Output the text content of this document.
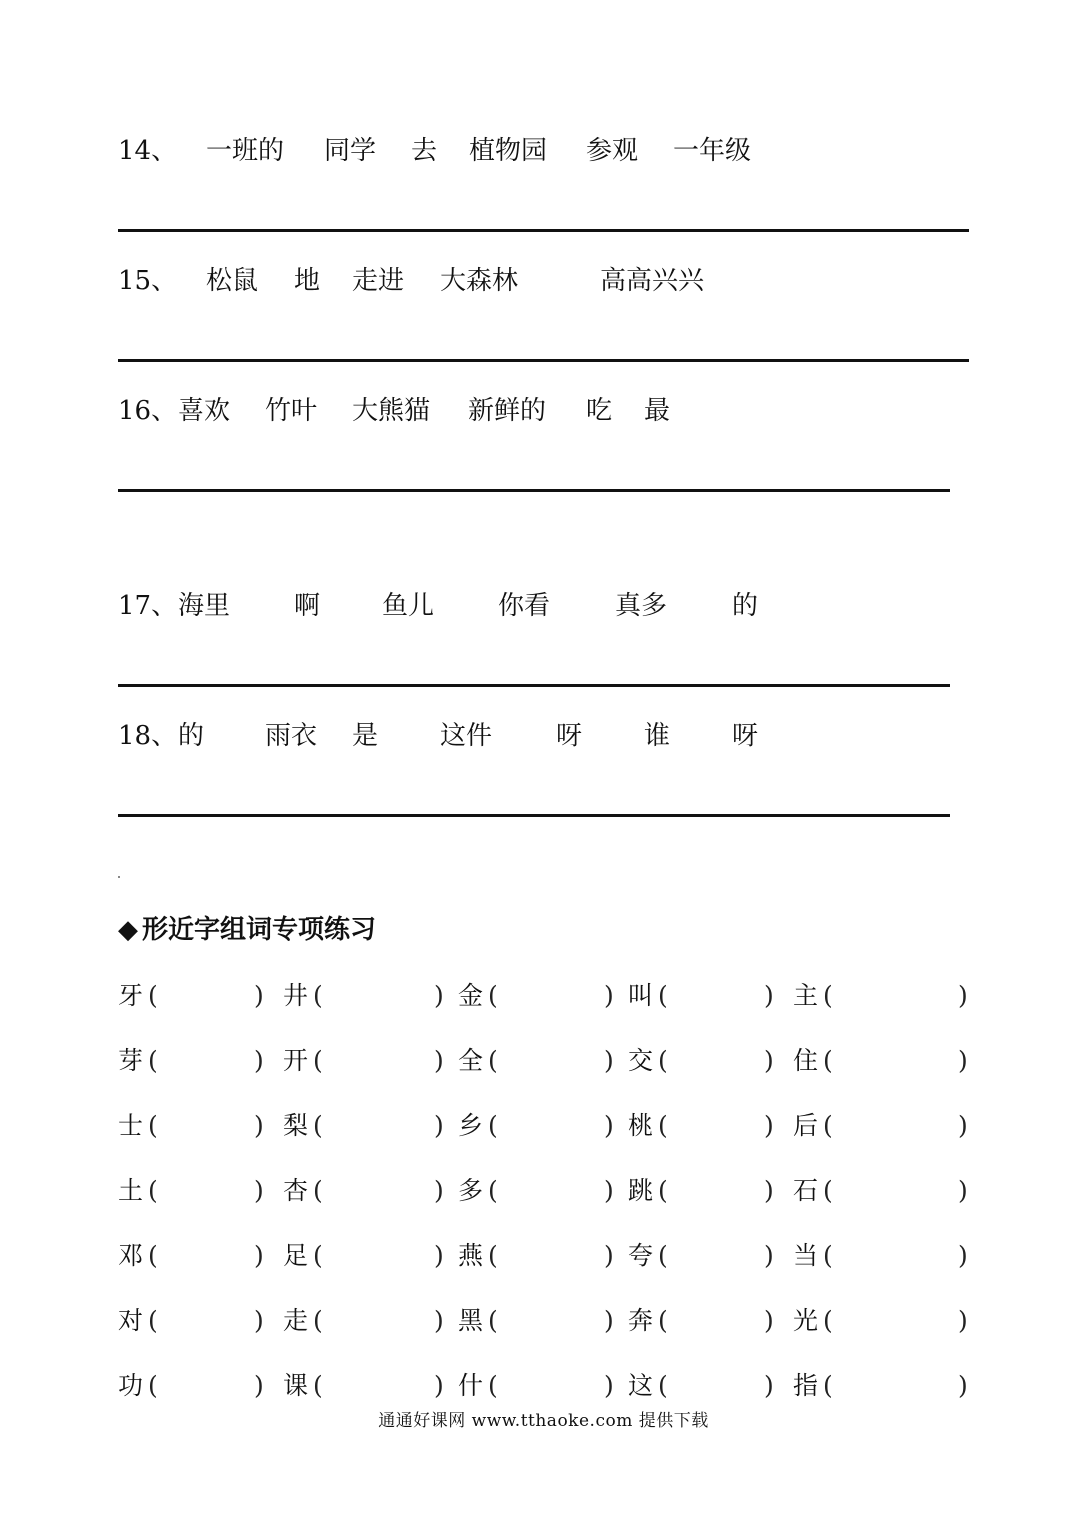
14、 一班的 同学 去 植物园 参观 一年级
15、 松鼠 地 走进 大森林	高高兴兴
16、 喜欢 竹叶 大熊猫 新鲜的 吃 最
17、 海里 啊 鱼儿 你看 真多 的
18、 的 雨衣 是 这件 呀 谁 呀
◆ 形近字组词专项练习
牙 (	) 井 (	) 金 (	) 叫 (	) 主 (	)
芽 (	) 开 (	) 全 (	) 交 (	) 住 (	)
士 (	) 梨 (	) 乡 (	) 桃 (	) 后 (	)
土 (	) 杏 (	) 多 (	) 跳 (	) 石 (	)
邓 (	) 足 (	) 燕 (	) 夸 (	) 当 (	)
对 (	) 走 (	) 黑 (	) 奔 (	) 光 (	)
功 (	) 课 (	) 什 (	) 这 (	) 指 (	)
通通好课网 www.tthaoke.com 提供下载
